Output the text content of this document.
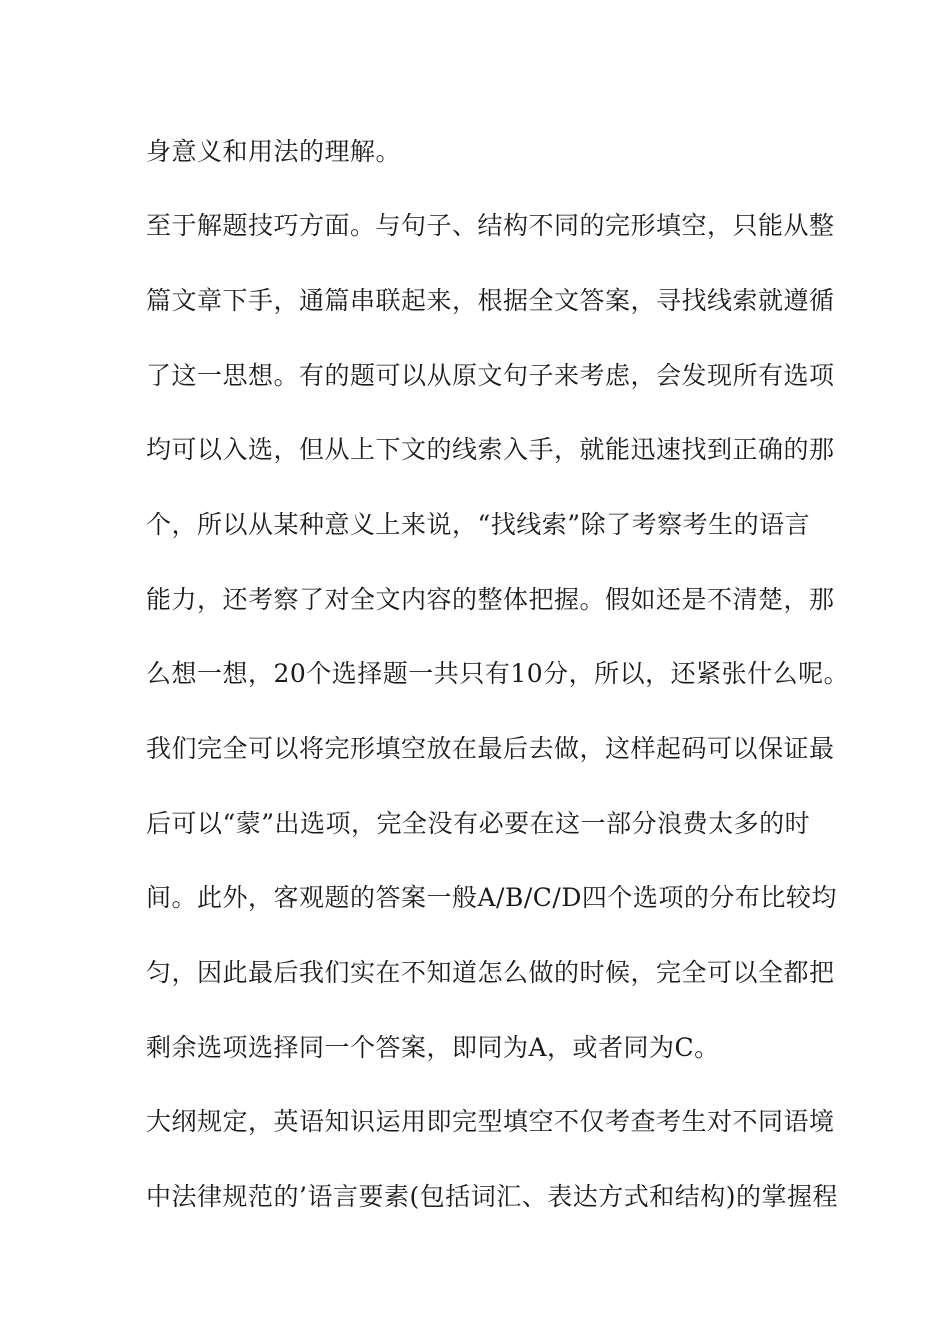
身意义和用法的理解。
至于解题技巧方面。与句子、结构不同的完形填空，只能从整
篇文章下手，通篇串联起来，根据全文答案，寻找线索就遵循
了这一思想。有的题可以从原文句子来考虑，会发现所有选项
均可以入选，但从上下文的线索入手，就能迅速找到正确的那
个，所以从某种意义上来说，“找线索”除了考察考生的语言
能力，还考察了对全文内容的整体把握。假如还是不清楚，那
么想一想，20个选择题一共只有10分，所以，还紧张什么呢。
我们完全可以将完形填空放在最后去做，这样起码可以保证最
后可以“蒙”出选项，完全没有必要在这一部分浪费太多的时
间。此外，客观题的答案一般A/B/C/D四个选项的分布比较均
匀，因此最后我们实在不知道怎么做的时候，完全可以全都把
剩余选项选择同一个答案，即同为A，或者同为C。
大纲规定，英语知识运用即完型填空不仅考查考生对不同语境
中法律规范的’语言要素(包括词汇、表达方式和结构)的掌握程
